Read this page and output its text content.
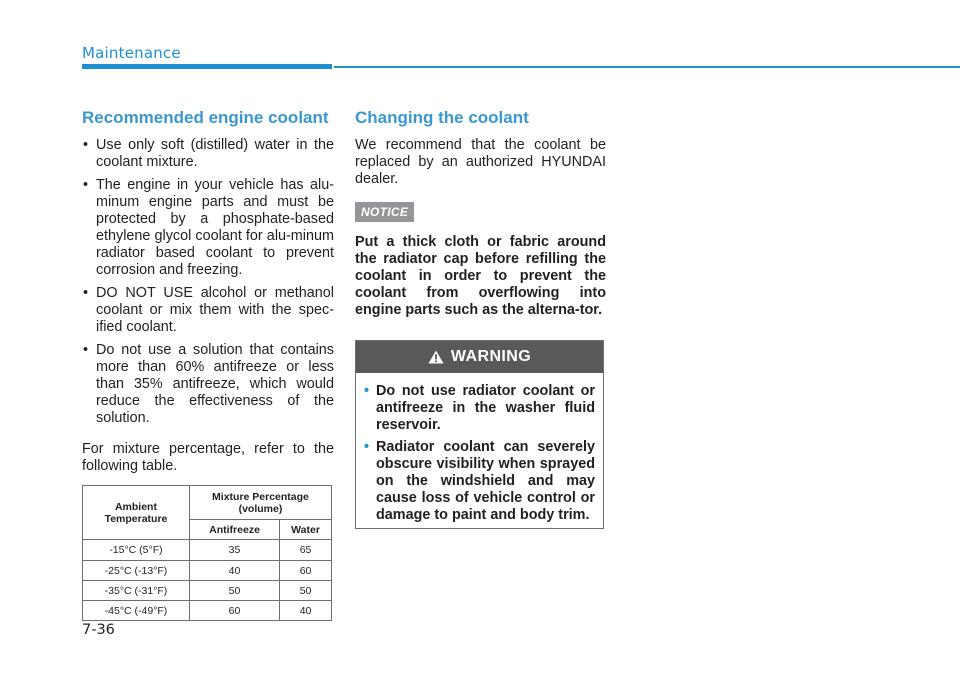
Maintenance
Recommended engine coolant
• Use only soft (distilled) water in the coolant mixture.
• The engine in your vehicle has alu-minum engine parts and must be protected by a phosphate-based ethylene glycol coolant for alu-minum radiator based coolant to prevent corrosion and freezing.
• DO NOT USE alcohol or methanol coolant or mix them with the spec-ified coolant.
• Do not use a solution that contains more than 60% antifreeze or less than 35% antifreeze, which would reduce the effectiveness of the solution.
For mixture percentage, refer to the following table.
Ambient Temperature	Mixture Percentage (volume)	
	Antifreeze	Water
-15°C (5°F)	35	65
-25°C (-13°F)	40	60
-35°C (-31°F)	50	50
-45°C (-49°F)	60	40
Changing the coolant
We recommend that the coolant be replaced by an authorized HYUNDAI dealer.
NOTICE
Put a thick cloth or fabric around the radiator cap before refilling the coolant in order to prevent the coolant from overflowing into engine parts such as the alterna-tor.
WARNING
• Do not use radiator coolant or antifreeze in the washer fluid reservoir.
• Radiator coolant can severely obscure visibility when sprayed on the windshield and may cause loss of vehicle control or damage to paint and body trim.
7-36
